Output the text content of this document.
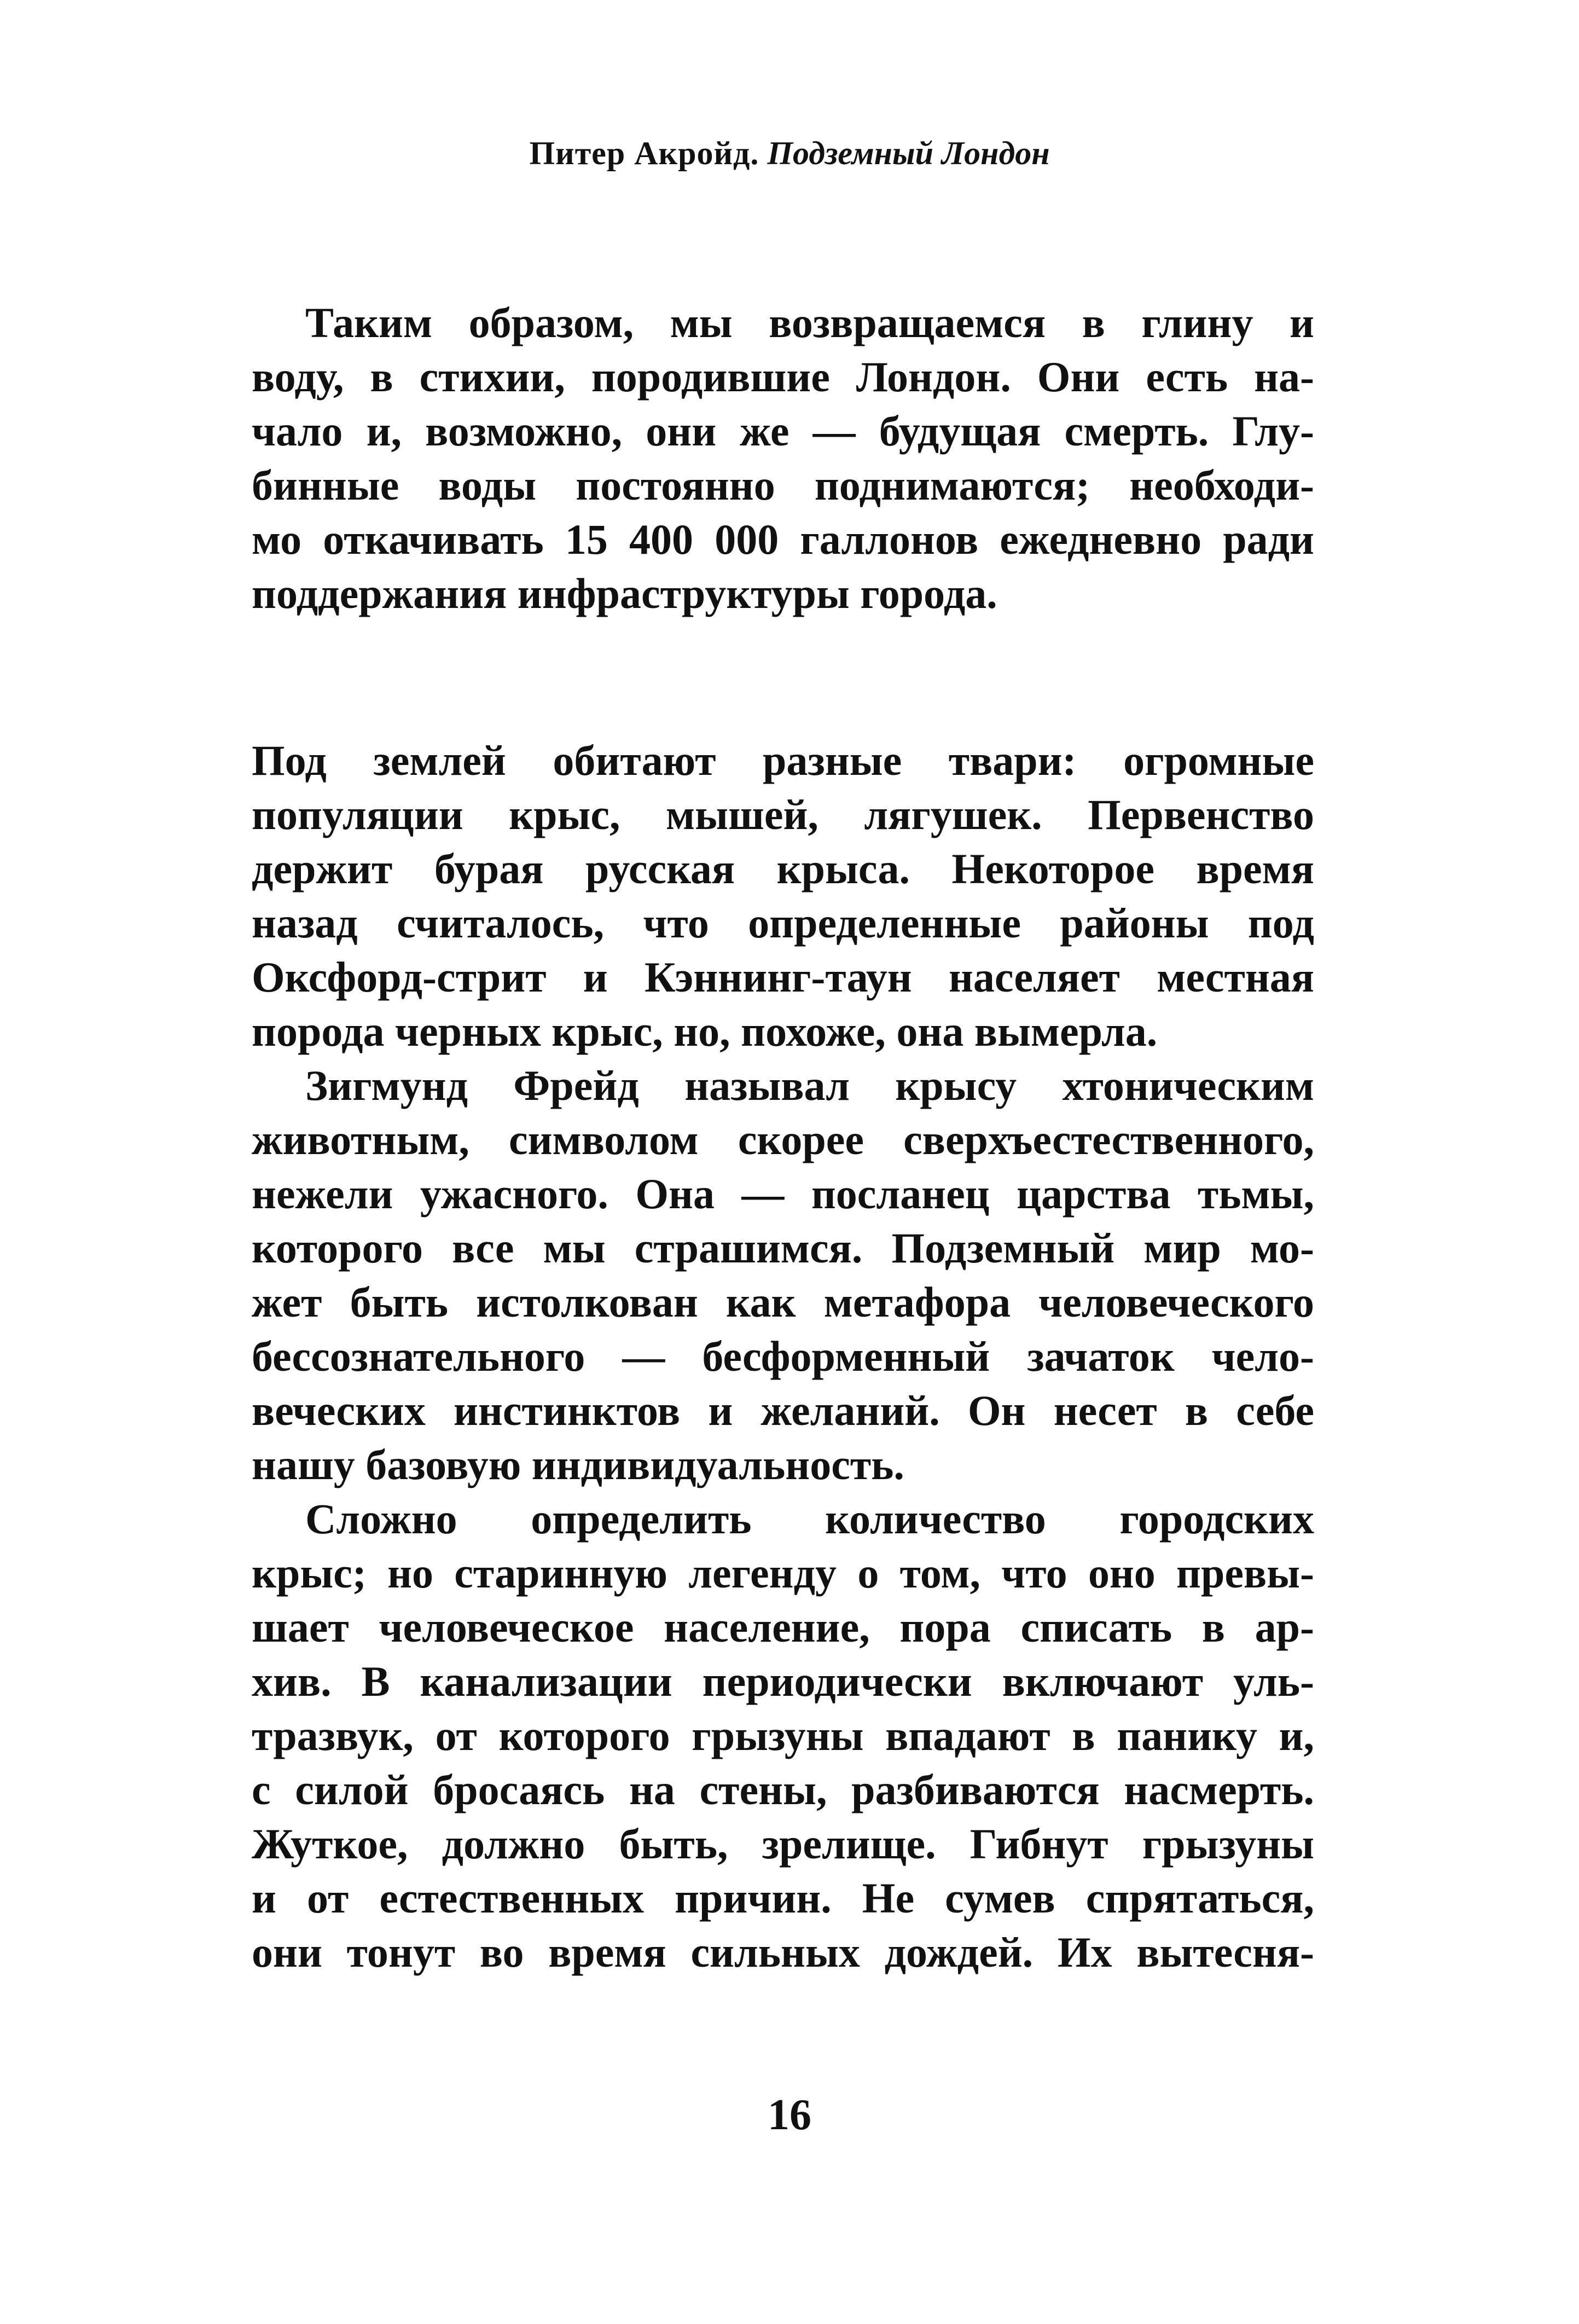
Питер Акройд. Подземный Лондон
Таким образом, мы возвращаемся в глину и
воду, в стихии, породившие Лондон. Они есть на-
чало и, возможно, они же — будущая смерть. Глу-
бинные воды постоянно поднимаются; необходи-
мо откачивать 15 400 000 галлонов ежедневно ради
поддержания инфраструктуры города.
Под землей обитают разные твари: огромные
популяции крыс, мышей, лягушек. Первенство
держит бурая русская крыса. Некоторое время
назад считалось, что определенные районы под
Оксфорд-стрит и Кэннинг-таун населяет местная
порода черных крыс, но, похоже, она вымерла.
Зигмунд Фрейд называл крысу хтоническим
животным, символом скорее сверхъестественного,
нежели ужасного. Она — посланец царства тьмы,
которого все мы страшимся. Подземный мир мо-
жет быть истолкован как метафора человеческого
бессознательного — бесформенный зачаток чело-
веческих инстинктов и желаний. Он несет в себе
нашу базовую индивидуальность.
Сложно определить количество городских
крыс; но старинную легенду о том, что оно превы-
шает человеческое население, пора списать в ар-
хив. В канализации периодически включают уль-
тразвук, от которого грызуны впадают в панику и,
с силой бросаясь на стены, разбиваются насмерть.
Жуткое, должно быть, зрелище. Гибнут грызуны
и от естественных причин. Не сумев спрятаться,
они тонут во время сильных дождей. Их вытесня-
16
